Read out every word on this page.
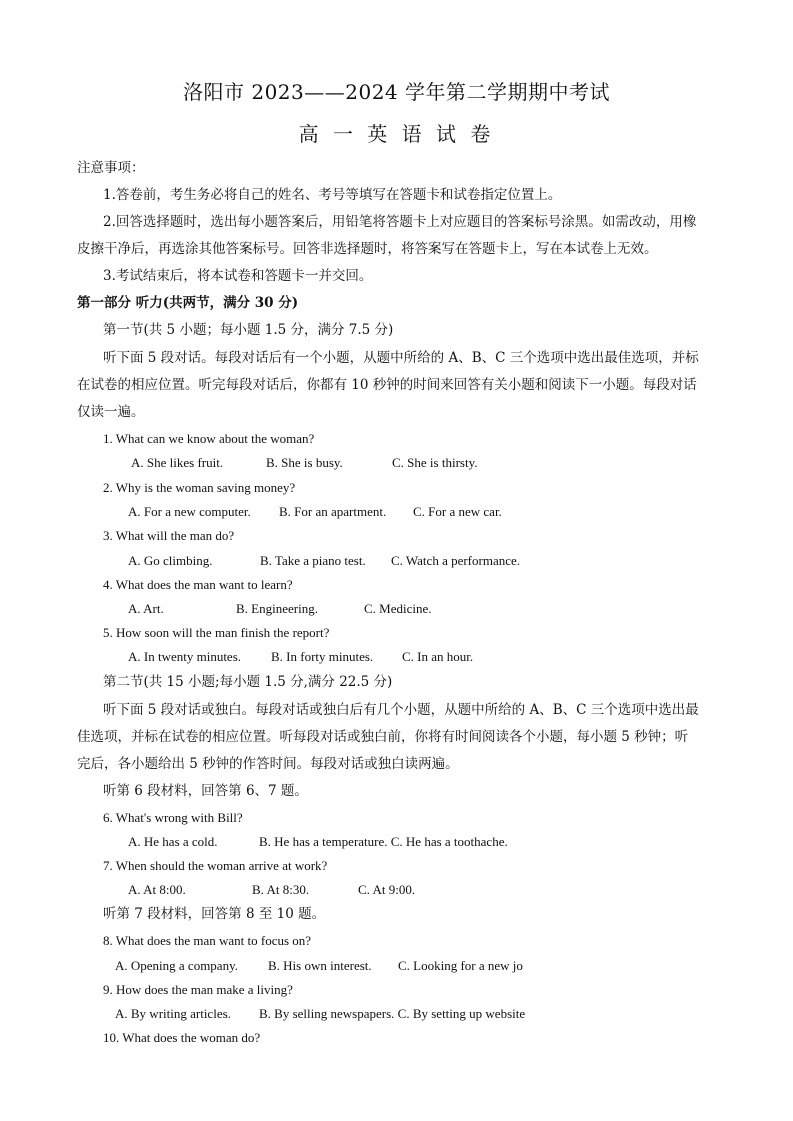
洛阳市 2023——2024 学年第二学期期中考试
高 一 英 语 试 卷
注意事项：
1.答卷前，考生务必将自己的姓名、考号等填写在答题卡和试卷指定位置上。
2.回答选择题时，选出每小题答案后，用铅笔将答题卡上对应题目的答案标号涂黑。如需改动，用橡
皮擦干净后，再选涂其他答案标号。回答非选择题时，将答案写在答题卡上，写在本试卷上无效。
3.考试结束后，将本试卷和答题卡一并交回。
第一部分 听力(共两节，满分 30 分)
第一节(共 5 小题；每小题 1.5 分，满分 7.5 分)
听下面 5 段对话。每段对话后有一个小题，从题中所给的 A、B、C 三个选项中选出最佳选项，并标
在试卷的相应位置。听完每段对话后，你都有 10 秒钟的时间来回答有关小题和阅读下一小题。每段对话
仅读一遍。
1. What can we know about the woman?
A. She likes fruit.	B. She is busy.	C. She is thirsty.
2. Why is the woman saving money?
A. For a new computer. B. For an apartment. C. For a new car.
3. What will the man do?
A. Go climbing.	B. Take a piano test. C. Watch a performance.
4. What does the man want to learn?
A. Art.	B. Engineering.	C. Medicine.
5. How soon will the man finish the report?
A. In twenty minutes. B. In forty minutes. C. In an hour.
第二节(共 15 小题;每小题 1.5 分,满分 22.5 分)
听下面 5 段对话或独白。每段对话或独白后有几个小题，从题中所给的 A、B、C 三个选项中选出最
佳选项，并标在试卷的相应位置。听每段对话或独白前，你将有时间阅读各个小题，每小题 5 秒钟；听
完后，各小题给出 5 秒钟的作答时间。每段对话或独白读两遍。
听第 6 段材料，回答第 6、7 题。
6. What's wrong with Bill?
A. He has a cold.	B. He has a temperature. C. He has a toothache.
7. When should the woman arrive at work?
A. At 8:00.	B. At 8:30.	C. At 9:00.
听第 7 段材料，回答第 8 至 10 题。
8. What does the man want to focus on?
A. Opening a company. B. His own interest. C. Looking for a new jo
9. How does the man make a living?
A. By writing articles. B. By selling newspapers. C. By setting up website
10. What does the woman do?
